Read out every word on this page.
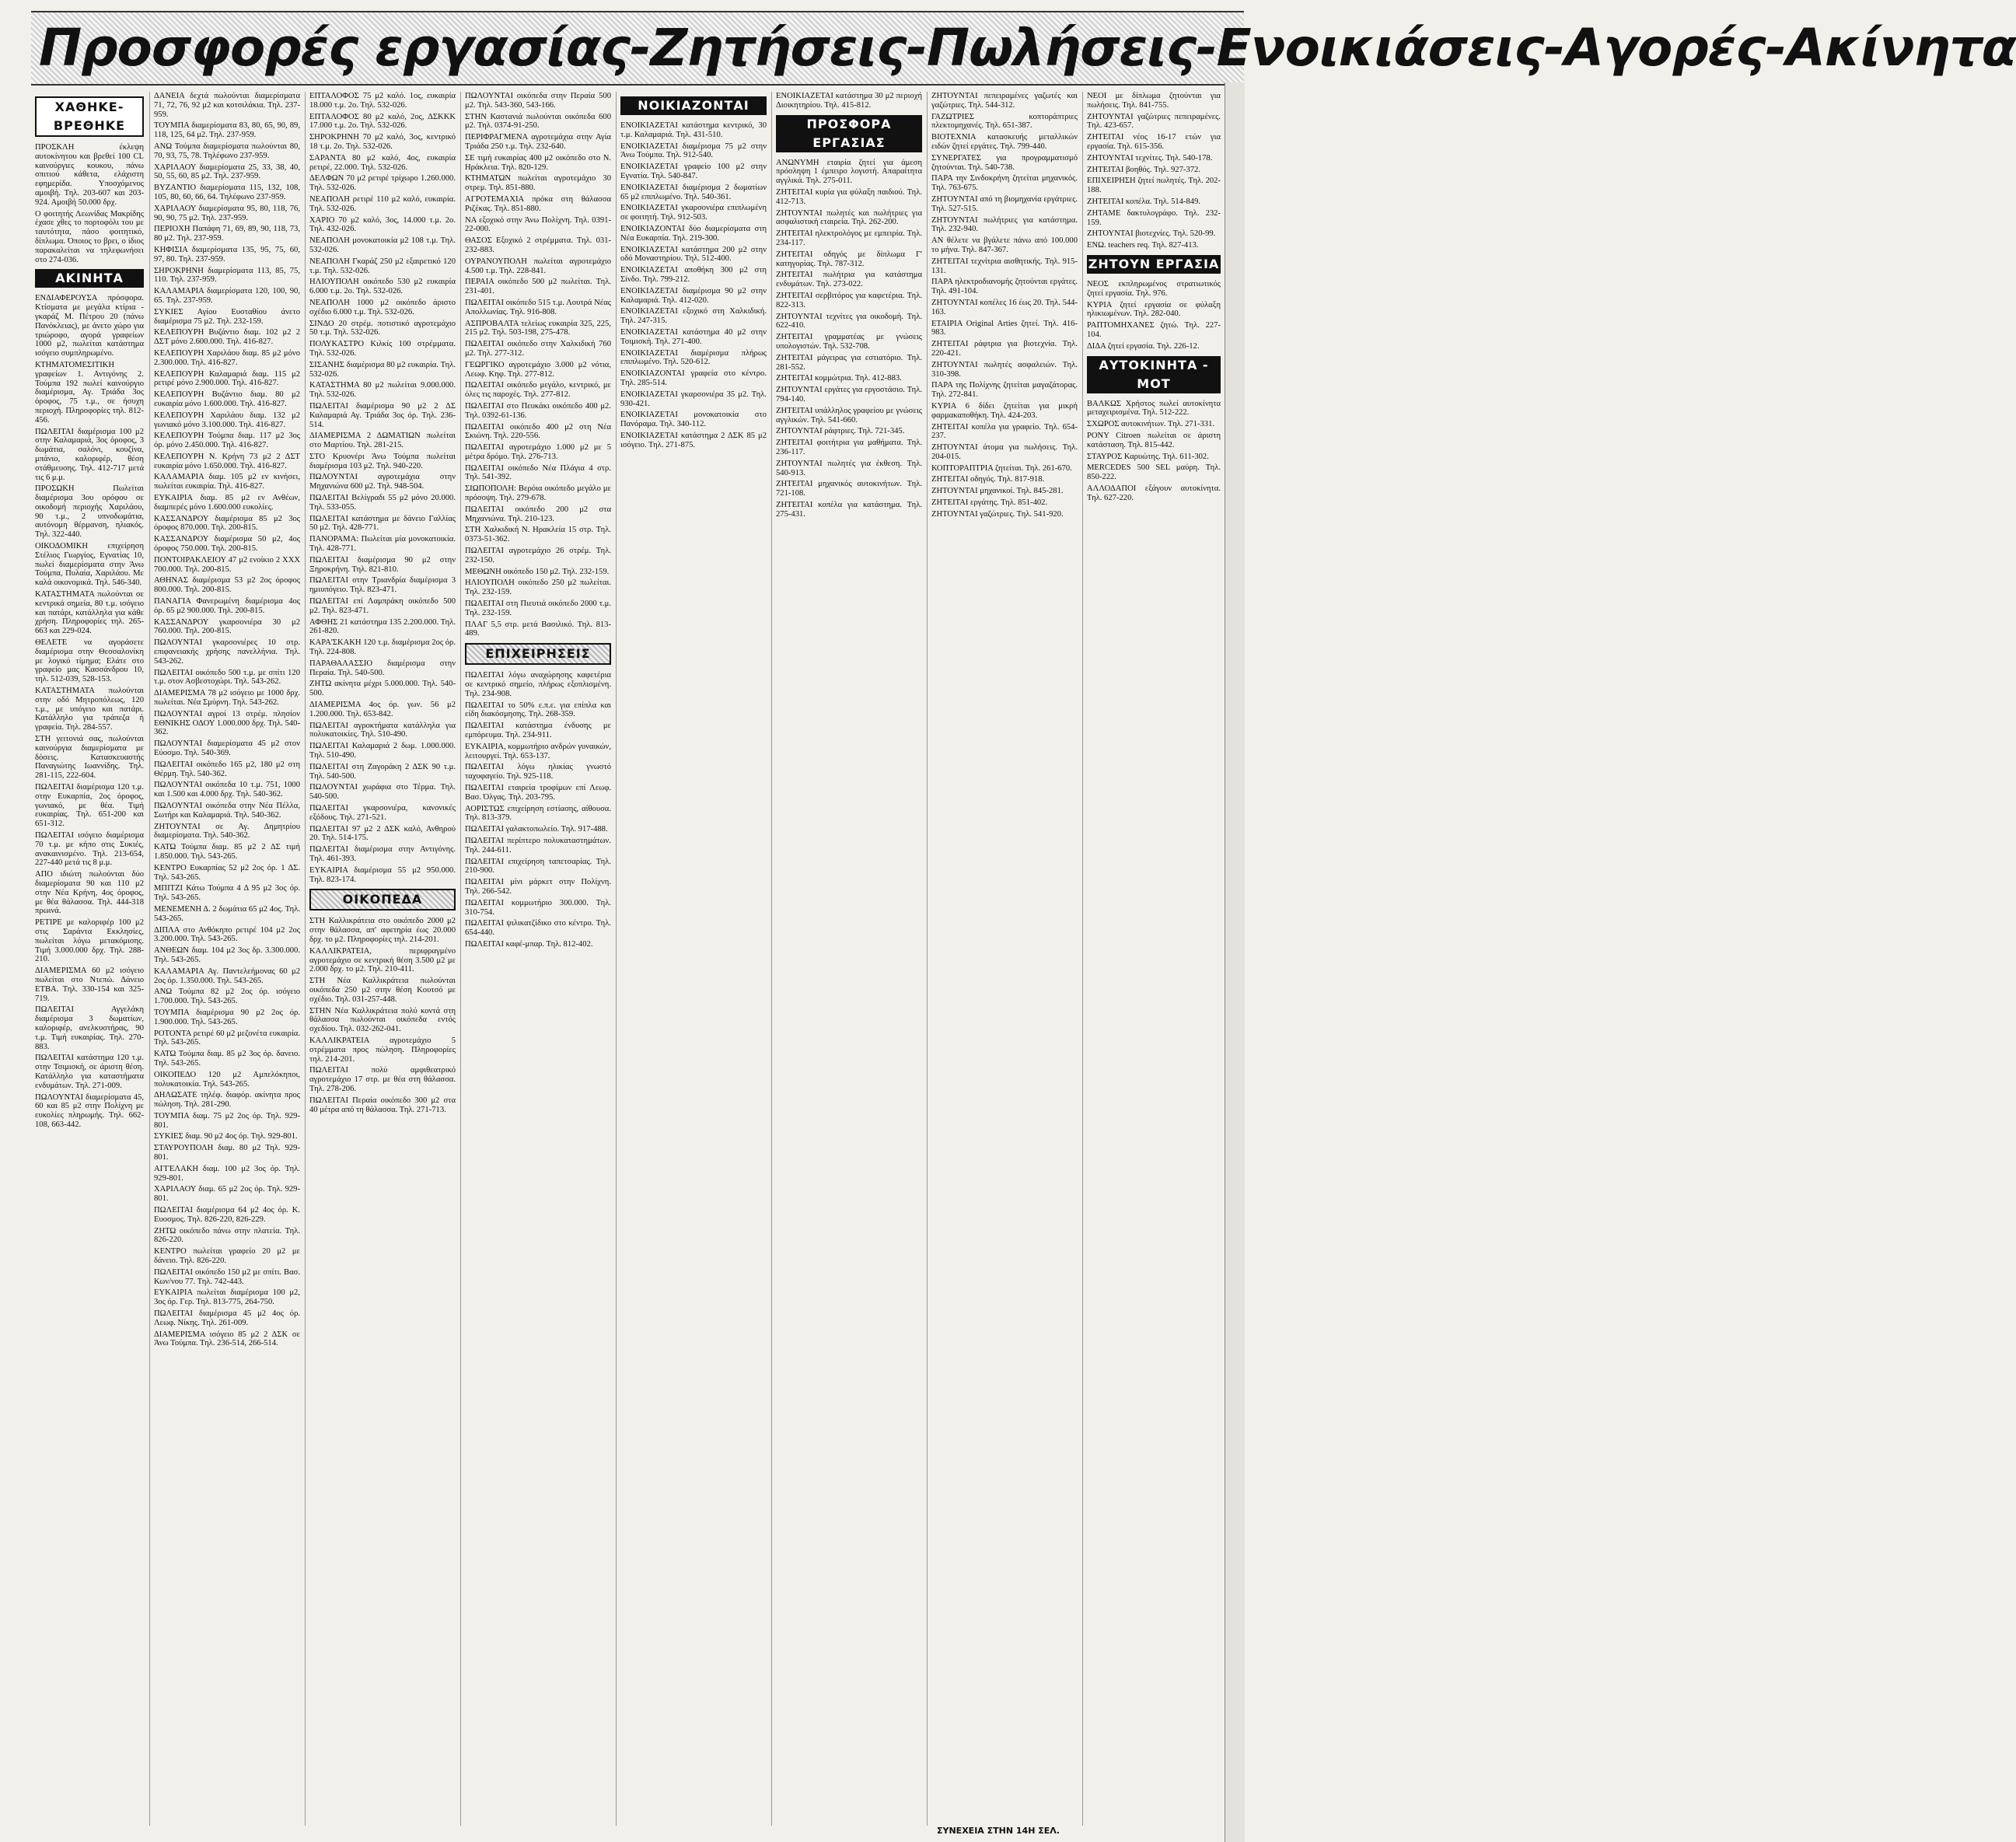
Προσφορές εργασίας-Ζητήσεις-Πωλήσεις-Ενοικιάσεις-Αγορές-Ακίνητα
ΧΑΘΗΚΕ-ΒΡΕΘΗΚΕ

ΠΡΟΣΚΛΗ έκλεψη αυτοκίνητου και βρεθεί 100 CL καινούργιες κουκου, πάνω σπιτιού κάθετα, ελάχιστη εφημερίδα. Υποσχόμενος αμοιβή. Τηλ. 203-607 και 203-924. Αμοιβή 50.000 δρχ.

Ο φοιτητής Λεωνίδας Μακρίδης έχασε χθες το πορτοφόλι του με ταυτότητα, πάσο φοιτητικό, δίπλωμα. Όποιος το βρει, ο ίδιος παρακαλείται να τηλεφωνήσει στο 274-036.

ΑΚΙΝΗΤΑ

ΕΝΔΙΑΦΕΡΟΥΣΑ πρόσφορα. Κτίσματα με μεγάλα κτίρια - γκαράζ Μ. Πέτρου 20 (πάνω Πανόκλειας), με άνετο χώρο για τριώροφο, αγορά γραφείων 1000 μ2, πωλείται κατάστημα ισόγειο συμπληρωμένο.

ΚΤΗΜΑΤΟΜΕΣΙΤΙΚΗ γραφείων 1. Αντιγόνης 2. Τούμπα 192 πωλεί καινούργιο διαμέρισμα, Αγ. Τριάδα 3ος όροφος, 75 τ.μ., σε ήσυχη περιοχή. Πληροφορίες τηλ. 812-456.

ΠΩΛΕΙΤΑΙ διαμέρισμα 100 μ2 στην Καλαμαριά, 3ος όροφος, 3 δωμάτια, σαλόνι, κουζίνα, μπάνιο, καλοριφέρ, θέση στάθμευσης. Τηλ. 412-717 μετά τις 6 μ.μ.

ΠΡΟΣΩΚΗ Πωλείται διαμέρισμα 3ου ορόφου σε οικοδομή περιοχής Χαριλάου, 90 τ.μ., 2 υπνοδωμάτια, αυτόνομη θέρμανση, ηλιακός. Τηλ. 322-440.

ΟΙΚΟΔΟΜΙΚΗ επιχείρηση Στέλιος Γιωργίος, Εγνατίας 10, πωλεί διαμερίσματα στην Άνω Τούμπα, Πυλαία, Χαριλάου. Με καλά οικονομικά. Τηλ. 546-340.

ΚΑΤΑΣΤΗΜΑΤΑ πωλούνται σε κεντρικά σημεία, 80 τ.μ. ισόγειο και πατάρι, κατάλληλα για κάθε χρήση. Πληροφορίες τηλ. 265-663 και 229-024.

ΘΕΛΕΤΕ να αγοράσετε διαμέρισμα στην Θεσσαλονίκη με λογικό τίμημα; Ελάτε στο γραφείο μας Κασσάνδρου 10, τηλ. 512-039, 528-153.

ΚΑΤΑΣΤΗΜΑΤΑ πωλούνται στην οδό Μητροπόλεως, 120 τ.μ., με υπόγειο και πατάρι. Κατάλληλο για τράπεζα ή γραφεία. Τηλ. 284-557.

ΣΤΗ γειτονιά σας, πωλούνται καινούργια διαμερίσματα με δόσεις. Κατασκευαστής Παναγιώτης Ιωαννίδης. Τηλ. 281-115, 222-604.

ΠΩΛΕΙΤΑΙ διαμέρισμα 120 τ.μ. στην Ευκαρπία, 2ος όροφος, γωνιακό, με θέα. Τιμή ευκαιρίας. Τηλ. 651-200 και 651-312.

ΠΩΛΕΙΤΑΙ ισόγειο διαμέρισμα 70 τ.μ. με κήπο στις Συκιές, ανακαινισμένο. Τηλ. 213-654, 227-440 μετά τις 8 μ.μ.

ΑΠΟ ιδιώτη πωλούνται δύο διαμερίσματα 90 και 110 μ2 στην Νέα Κρήνη, 4ος όροφος, με θέα θάλασσα. Τηλ. 444-318 πρωινά.

ΡΕΤΙΡΕ με καλοριφέρ 100 μ2 στις Σαράντα Εκκλησίες, πωλείται λόγω μετακόμισης. Τιμή 3.000.000 δρχ. Τηλ. 288-210.

ΔΙΑΜΕΡΙΣΜΑ 60 μ2 ισόγειο πωλείται στο Ντεπώ. Δάνειο ΕΤΒΑ. Τηλ. 330-154 και 325-719.

ΠΩΛΕΙΤΑΙ Αγγελάκη διαμέρισμα 3 δωματίων, καλοριφέρ, ανελκυστήρας, 90 τ.μ. Τιμή ευκαιρίας. Τηλ. 270-883.

ΠΩΛΕΙΤΑΙ κατάστημα 120 τ.μ. στην Τσιμισκή, σε άριστη θέση. Κατάλληλο για καταστήματα ενδυμάτων. Τηλ. 271-009.

ΠΩΛΟΥΝΤΑΙ διαμερίσματα 45, 60 και 85 μ2 στην Πολίχνη με ευκολίες πληρωμής. Τηλ. 662-108, 663-442.

ΔΑΝΕΙΑ δεχτά πωλούνται διαμερίσματα 71, 72, 76, 92 μ2 και κοτσιλάκια. Τηλ. 237-959.

ΤΟΥΜΠΑ διαμερίσματα 83, 80, 65, 90, 89, 118, 125, 64 μ2. Τηλ. 237-959.

ΑΝΩ Τούμπα διαμερίσματα πωλούνται 80, 70, 93, 75, 78. Τηλέφωνο 237-959.

ΧΑΡΙΛΑΟΥ διαμερίσματα 25, 33, 38, 40, 50, 55, 60, 85 μ2. Τηλ. 237-959.

ΒΥΖΑΝΤΙΟ διαμερίσματα 115, 132, 108, 105, 80, 60, 66, 64. Τηλέφωνο 237-959.

ΧΑΡΙΛΑΟΥ διαμερίσματα 95, 80, 118, 76, 90, 90, 75 μ2. Τηλ. 237-959.

ΠΕΡΙΟΧΗ Παπάφη 71, 69, 89, 90, 118, 73, 80 μ2. Τηλ. 237-959.

ΚΗΦΙΣΙΑ διαμερίσματα 135, 95, 75, 60, 97, 80. Τηλ. 237-959.

ΣΗΡΟΚΡΗΝΗ διαμερίσματα 113, 85, 75, 110. Τηλ. 237-959.

ΚΑΛΑΜΑΡΙΑ διαμερίσματα 120, 100, 90, 65. Τηλ. 237-959.

ΣΥΚΙΕΣ Αγίου Ευσταθίου άνετο διαμέρισμα 75 μ2. Τηλ. 232-159.

ΚΕΛΕΠΟΥΡΗ Βυζάντιο διαμ. 102 μ2 2 ΔΣΤ μόνο 2.600.000. Τηλ. 416-827.

ΚΕΛΕΠΟΥΡΗ Χαριλάου διαμ. 85 μ2 μόνο 2.300.000. Τηλ. 416-827.

ΚΕΛΕΠΟΥΡΗ Καλαμαριά διαμ. 115 μ2 ρετιρέ μόνο 2.900.000. Τηλ. 416-827.

ΚΕΛΕΠΟΥΡΗ Βυζάντιο διαμ. 80 μ2 ευκαιρία μόνο 1.600.000. Τηλ. 416-827.

ΚΕΛΕΠΟΥΡΗ Χαριλάου διαμ. 132 μ2 γωνιακό μόνο 3.100.000. Τηλ. 416-827.

ΚΕΛΕΠΟΥΡΗ Τούμπα διαμ. 117 μ2 3ος όρ. μόνο 2.450.000. Τηλ. 416-827.

ΚΕΛΕΠΟΥΡΗ Ν. Κρήνη 73 μ2 2 ΔΣΤ ευκαιρία μόνο 1.650.000. Τηλ. 416-827.

ΚΑΛΑΜΑΡΙΑ διαμ. 105 μ2 εν κινήσει, πωλείται ευκαιρία. Τηλ. 416-827.

ΕΥΚΑΙΡΙΑ διαμ. 85 μ2 εν Ανθέων, διαμπερές μόνο 1.600.000 ευκολίες.

ΚΑΣΣΑΝΔΡΟΥ διαμέρισμα 85 μ2 3ος όροφος 870.000. Τηλ. 200-815.

ΚΑΣΣΑΝΔΡΟΥ διαμέρισμα 50 μ2, 4ος όροφος 750.000. Τηλ. 200-815.

ΠΟΝΤΟΙΡΑΚΛΕΙΟΥ 47 μ2 ενοίκιο 2 ΧΧΧ 700.000. Τηλ. 200-815.

ΑΘΗΝΑΣ διαμέρισμα 53 μ2 2ος όροφος 800.000. Τηλ. 200-815.

ΠΑΝΑΓΙΑ Φανερωμένη διαμέρισμα 4ος όρ. 65 μ2 900.000. Τηλ. 200-815.

ΚΑΣΣΑΝΔΡΟΥ γκαρσονιέρα 30 μ2 760.000. Τηλ. 200-815.

ΠΩΛΟΥΝΤΑΙ γκαρσονιέρες 10 στρ. επιφανειακής χρήσης πανελλήνια. Τηλ. 543-262.

ΠΩΛΕΙΤΑΙ οικόπεδο 500 τ.μ. με σπίτι 120 τ.μ. στον Ασβεστοχώρι. Τηλ. 543-262.

ΔΙΑΜΕΡΙΣΜΑ 78 μ2 ισόγειο με 1000 δρχ. πωλείται. Νέα Σμύρνη. Τηλ. 543-262.

ΠΩΛΟΥΝΤΑΙ αγροί 13 στρέμ. πλησίον ΕΘΝΙΚΗΣ ΟΔΟΥ 1.000.000 δρχ. Τηλ. 540-362.

ΠΩΛΟΥΝΤΑΙ διαμερίσματα 45 μ2 στον Εύοσμο. Τηλ. 540-369.

ΠΩΛΕΙΤΑΙ οικόπεδο 165 μ2, 180 μ2 στη Θέρμη. Τηλ. 540-362.

ΠΩΛΟΥΝΤΑΙ οικόπεδα 10 τ.μ. 751, 1000 και 1.500 και 4.000 δρχ. Τηλ. 540-362.

ΠΩΛΟΥΝΤΑΙ οικόπεδα στην Νέα Πέλλα, Σωτήρι και Καλαμαριά. Τηλ. 540-362.

ΖΗΤΟΥΝΤΑΙ σε Αγ. Δημητρίου διαμερίσματα. Τηλ. 540-362.

ΚΑΤΩ Τούμπα διαμ. 85 μ2 2 ΔΣ τιμή 1.850.000. Τηλ. 543-265.

ΚΕΝΤΡΟ Ευκαρπίας 52 μ2 2ος όρ. 1 ΔΣ. Τηλ. 543-265.

ΜΠΙΤΖΙ Κάτω Τούμπα 4 Δ 95 μ2 3ος όρ. Τηλ. 543-265.

ΜΕΝΕΜΕΝΗ Δ. 2 δωμάτια 65 μ2 4ος. Τηλ. 543-265.

ΔΙΠΛΑ στο Ανθόκηπο ρετιρέ 104 μ2 2ος 3.200.000. Τηλ. 543-265.

ΑΝΘΕΩΝ διαμ. 104 μ2 3ος δρ. 3.300.000. Τηλ. 543-265.

ΚΑΛΑΜΑΡΙΑ Αγ. Παντελεήμονας 60 μ2 2ος όρ. 1.350.000. Τηλ. 543-265.

ΑΝΩ Τούμπα 82 μ2 2ος όρ. ισόγειο 1.700.000. Τηλ. 543-265.

ΤΟΥΜΠΑ διαμέρισμα 90 μ2 2ος όρ. 1.900.000. Τηλ. 543-265.

ΡΟΤΟΝΤΑ ρετιρέ 60 μ2 μεζονέτα ευκαιρία. Τηλ. 543-265.

ΚΑΤΩ Τούμπα διαμ. 85 μ2 3ος όρ. δανειο. Τηλ. 543-265.

ΟΙΚΟΠΕΔΟ 120 μ2 Αμπελόκηποι, πολυκατοικία. Τηλ. 543-265.

ΔΗΛΩΣΑΤΕ τηλέφ. διαφόρ. ακίνητα προς πώληση. Τηλ. 281-290.

ΤΟΥΜΠΑ διαμ. 75 μ2 2ος όρ. Τηλ. 929-801.

ΣΥΚΙΕΣ διαμ. 90 μ2 4ος όρ. Τηλ. 929-801.

ΣΤΑΥΡΟΥΠΟΛΗ διαμ. 80 μ2 Τηλ. 929-801.

ΑΓΓΕΛΑΚΗ διαμ. 100 μ2 3ος όρ. Τηλ. 929-801.

ΧΑΡΙΛΑΟΥ διαμ. 65 μ2 2ος όρ. Τηλ. 929-801.

ΠΩΛΕΙΤΑΙ διαμέρισμα 64 μ2 4ος όρ. Κ. Ευοσμος. Τηλ. 826-220, 826-229.

ΖΗΤΩ οικόπεδο πάνω στην πλατεία. Τηλ. 826-220.

ΚΕΝΤΡΟ πωλείται γραφείο 20 μ2 με δάνειο. Τηλ. 826-220.

ΠΩΛΕΙΤΑΙ οικόπεδο 150 μ2 με σπίτι. Βασ. Κων/νου 77. Τηλ. 742-443.

ΕΥΚΑΙΡΙΑ πωλείται διαμέρισμα 100 μ2, 3ος όρ. Γερ. Τηλ. 813-775, 264-750.

ΠΩΛΕΙΤΑΙ διαμέρισμα 45 μ2 4ος όρ. Λεωφ. Νίκης. Τηλ. 261-009.

ΔΙΑΜΕΡΙΣΜΑ ισόγειο 85 μ2 2 ΔΣΚ σε Άνω Τούμπα. Τηλ. 236-514, 266-514.

ΕΠΤΑΛΟΦΟΣ 75 μ2 καλό. 1ος, ευκαιρία 18.000 τ.μ. 2ο. Τηλ. 532-026.

ΕΠΤΑΛΟΦΟΣ 80 μ2 καλό, 2ος, ΔΣΚΚΚ 17.000 τ.μ. 2ο. Τηλ. 532-026.

ΣΗΡΟΚΡΗΝΗ 70 μ2 καλό, 3ος, κεντρικό 18 τ.μ. 2ο. Τηλ. 532-026.

ΣΑΡΑΝΤΑ 80 μ2 καλό, 4ος, ευκαιρία ρετιρέ, 22.000. Τηλ. 532-026.

ΔΕΛΦΩΝ 70 μ2 ρετιρέ τρίχωρο 1.260.000. Τηλ. 532-026.

ΝΕΑΠΟΛΗ ρετιρέ 110 μ2 καλό, ευκαιρία. Τηλ. 532-026.

ΧΑΡΙΟ 70 μ2 καλό, 3ος, 14.000 τ.μ. 2ο. Τηλ. 432-026.

ΝΕΑΠΟΛΗ μονοκατοικία μ2 108 τ.μ. Τηλ. 532-026.

ΝΕΑΠΟΛΗ Γκαράζ 250 μ2 εξαιρετικό 120 τ.μ. Τηλ. 532-026.

ΗΛΙΟΥΠΟΛΗ οικόπεδο 530 μ2 ευκαιρία 6.000 τ.μ. 2ο. Τηλ. 532-026.

ΝΕΑΠΟΛΗ 1000 μ2 οικόπεδο άριστο σχέδιο 6.000 τ.μ. Τηλ. 532-026.

ΣΙΝΔΟ 20 στρέμ. ποτιστικό αγροτεμάχιο 50 τ.μ. Τηλ. 532-026.

ΠΟΛΥΚΑΣΤΡΟ Κιλκίς 100 στρέμματα. Τηλ. 532-026.

ΣΙΣΑΝΗΣ διαμέρισμα 80 μ2 ευκαιρία. Τηλ. 532-026.

ΚΑΤΑΣΤΗΜΑ 80 μ2 πωλείται 9.000.000. Τηλ. 532-026.

ΠΩΛΕΙΤΑΙ διαμέρισμα 90 μ2 2 ΔΣ Καλαμαριά Αγ. Τριάδα 3ος όρ. Τηλ. 236-514.

ΔΙΑΜΕΡΙΣΜΑ 2 ΔΩΜΑΤΙΩΝ πωλείται στο Μαρτίου. Τηλ. 281-215.

ΣΤΟ Κρυονέρι Άνω Τούμπα πωλείται διαμέρισμα 103 μ2. Τηλ. 940-220.

ΠΩΛΟΥΝΤΑΙ αγροτεμάχια στην Μηχανιώνα 600 μ2. Τηλ. 948-504.

ΠΩΛΕΙΤΑΙ Βελίγραδι 55 μ2 μόνο 20.000. Τηλ. 533-055.

ΠΩΛΕΙΤΑΙ κατάστημα με δάνειο Γαλλίας 50 μ2. Τηλ. 428-771.

ΠΑΝΟΡΑΜΑ: Πωλείται μία μονοκατοικία. Τηλ. 428-771.

ΠΩΛΕΙΤΑΙ διαμέρισμα 90 μ2 στην Ξηροκρήνη. Τηλ. 821-810.

ΠΩΛΕΙΤΑΙ στην Τριανδρία διαμέρισμα 3 ημιυπόγειο. Τηλ. 823-471.

ΠΩΛΕΙΤΑΙ επί Λαμπράκη οικόπεδο 500 μ2. Τηλ. 823-471.

ΑΦΘΗΣ 21 κατάστημα 135 2.200.000. Τηλ. 261-820.

ΚΑΡΑ'ΣΚΑΚΗ 120 τ.μ. διαμέρισμα 2ος όρ. Τηλ. 224-808.

ΠΑΡΑΘΑΛΑΣΣΙΟ διαμέρισμα στην Περαία. Τηλ. 540-500.

ΖΗΤΩ ακίνητα μέχρι 5.000.000. Τηλ. 540-500.

ΔΙΑΜΕΡΙΣΜΑ 4ος όρ. γων. 56 μ2 1.200.000. Τηλ. 653-842.

ΠΩΛΕΙΤΑΙ αγροκτήματα κατάλληλα για πολυκατοικίες. Τηλ. 510-490.

ΠΩΛΕΙΤΑΙ Καλαμαριά 2 δωμ. 1.000.000. Τηλ. 510-490.

ΠΩΛΕΙΤΑΙ στη Ζαγοράκη 2 ΔΣΚ 90 τ.μ. Τηλ. 540-500.

ΠΩΛΟΥΝΤΑΙ χωράφια στο Τέρμα. Τηλ. 540-500.

ΠΩΛΕΙΤΑΙ γκαρσονιέρα, κανονικές εξόδους. Τηλ. 271-521.

ΠΩΛΕΙΤΑΙ 97 μ2 2 ΔΣΚ καλό, Ανθηρού 20. Τηλ. 514-175.

ΠΩΛΕΙΤΑΙ διαμέρισμα στην Αντιγόνης. Τηλ. 461-393.

ΕΥΚΑΙΡΙΑ διαμέρισμα 55 μ2 950.000. Τηλ. 823-174.

ΟΙΚΟΠΕΔΑ

ΣΤΗ Καλλικράτεια στο οικόπεδο 2000 μ2 στην θάλασσα, απ' αφετηρία έως 20.000 δρχ. το μ2. Πληροφορίες τηλ. 214-201.

ΚΑΛΛΙΚΡΑΤΕΙΑ, περιφραγμένο αγροτεμάχιο σε κεντρική θέση 3.500 μ2 με 2.000 δρχ. το μ2. Τηλ. 210-411.

ΣΤΗ Νέα Καλλικράτεια πωλούνται οικόπεδα 250 μ2 στην θέση Κουτσό με σχέδιο. Τηλ. 031-257-448.

ΣΤΗΝ Νέα Καλλικράτεια πολύ κοντά στη θάλασσα πωλούνται οικόπεδα εντός σχεδίου. Τηλ. 032-262-041.

ΚΑΛΛΙΚΡΑΤΕΙΑ αγροτεμάχιο 5 στρέμματα προς πώληση. Πληροφορίες τηλ. 214-201.

ΠΩΛΕΙΤΑΙ πολύ αμφιθεατρικό αγροτεμάχιο 17 στρ. με θέα στη θάλασσα. Τηλ. 278-206.

ΠΩΛΕΙΤΑΙ Περαία οικόπεδο 300 μ2 στα 40 μέτρα από τη θάλασσα. Τηλ. 271-713.

ΠΩΛΟΥΝΤΑΙ οικόπεδα στην Περαία 500 μ2. Τηλ. 543-360, 543-166.

ΣΤΗΝ Καστανιά πωλούνται οικόπεδα 600 μ2. Τηλ. 0374-91-250.

ΠΕΡΙΦΡΑΓΜΕΝΑ αγροτεμάχια στην Αγία Τριάδα 250 τ.μ. Τηλ. 232-640.

ΣΕ τιμή ευκαιρίας 400 μ2 οικόπεδο στο Ν. Ηράκλεια. Τηλ. 820-129.

ΚΤΗΜΑΤΩΝ πωλείται αγροτεμάχιο 30 στρεμ. Τηλ. 851-880.

ΑΓΡΟΤΕΜΑΧΙΑ πρόκα στη θάλασσα Ριζέκας. Τηλ. 851-880.

ΝΑ εξοχικό στην Άνω Πολίχνη. Τηλ. 0391-22-000.

ΘΑΣΟΣ Εξοχικό 2 στρέμματα. Τηλ. 031-232-883.

ΟΥΡΑΝΟΥΠΟΛΗ πωλείται αγροτεμάχιο 4.500 τ.μ. Τηλ. 228-841.

ΠΕΡΑΙΑ οικόπεδο 500 μ2 πωλείται. Τηλ. 231-401.

ΠΩΛΕΙΤΑΙ οικόπεδο 515 τ.μ. Λουτρά Νέας Απολλωνίας. Τηλ. 916-808.

ΑΣΠΡΟΒΑΛΤΑ τελείως ευκαιρία 325, 225, 215 μ2. Τηλ. 503-198, 275-478.

ΠΩΛΕΙΤΑΙ οικόπεδο στην Χαλκιδική 760 μ2. Τηλ. 277-312.

ΓΕΩΡΓΙΚΟ αγροτεμάχιο 3.000 μ2 νότια, Λεωφ. Κηφ. Τηλ. 277-812.

ΠΩΛΕΙΤΑΙ οικόπεδο μεγάλο, κεντρικό, με όλες τις παροχές. Τηλ. 277-812.

ΠΩΛΕΙΤΑΙ στο Πευκάκι οικόπεδο 400 μ2. Τηλ. 0392-61-136.

ΠΩΛΕΙΤΑΙ οικόπεδο 400 μ2 στη Νέα Σκιώνη. Τηλ. 220-556.

ΠΩΛΕΙΤΑΙ αγροτεμάχιο 1.000 μ2 με 5 μέτρα δρόμο. Τηλ. 276-713.

ΠΩΛΕΙΤΑΙ οικόπεδο Νέα Πλάγια 4 στρ. Τηλ. 541-392.

ΣΙΩΠΟΠΟΛΗ: Βερόια οικόπεδο μεγάλο με πρόσοψη. Τηλ. 279-678.

ΠΩΛΕΙΤΑΙ οικόπεδο 200 μ2 στα Μηχανιώνα. Τηλ. 210-123.

ΣΤΗ Χαλκιδική Ν. Ηρακλεία 15 στρ. Τηλ. 0373-51-362.

ΠΩΛΕΙΤΑΙ αγροτεμάχιο 26 στρέμ. Τηλ. 232-150.

ΜΕΘΩΝΗ οικόπεδο 150 μ2. Τηλ. 232-159.

ΗΛΙΟΥΠΟΛΗ οικόπεδο 250 μ2 πωλείται. Τηλ. 232-159.

ΠΩΛΕΙΤΑΙ στη Πιευτιά οικόπεδο 2000 τ.μ. Τηλ. 232-159.

ΠΛΑΓ 5,5 στρ. μετά Βασιλικό. Τηλ. 813-489.

ΕΠΙΧΕΙΡΗΣΕΙΣ

ΠΩΛΕΙΤΑΙ λόγω αναχώρησης καφετέρια σε κεντρικό σημείο, πλήρως εξοπλισμένη. Τηλ. 234-908.

ΠΩΛΕΙΤΑΙ το 50% ε.π.ε. για επίπλα και είδη διακόσμησης. Τηλ. 268-359.

ΠΩΛΕΙΤΑΙ κατάστημα ένδυσης με εμπόρευμα. Τηλ. 234-911.

ΕΥΚΑΙΡΙΑ, κομμωτήριο ανδρών γυναικών, λειτουργεί. Τηλ. 653-137.

ΠΩΛΕΙΤΑΙ λόγω ηλικίας γνωστό ταχυφαγείο. Τηλ. 925-118.

ΠΩΛΕΙΤΑΙ εταιρεία τροφίμων επί Λεωφ. Βασ. Όλγας. Τηλ. 203-795.

ΑΟΡΙΣΤΩΣ επιχείρηση εστίασης, αίθουσα. Τηλ. 813-379.

ΠΩΛΕΙΤΑΙ γαλακτοπωλείο. Τηλ. 917-488.

ΠΩΛΕΙΤΑΙ περίπτερο πολυκαταστημάτων. Τηλ. 244-611.

ΠΩΛΕΙΤΑΙ επιχείρηση ταπετσαρίας. Τηλ. 210-900.

ΠΩΛΕΙΤΑΙ μίνι μάρκετ στην Πολίχνη. Τηλ. 266-542.

ΠΩΛΕΙΤΑΙ κομμωτήριο 300.000. Τηλ. 310-754.

ΠΩΛΕΙΤΑΙ ψιλικατζίδικο στο κέντρο. Τηλ. 654-440.

ΠΩΛΕΙΤΑΙ καφέ-μπαρ. Τηλ. 812-402.

ΝΟΙΚΙΑΖΟΝΤΑΙ

ΕΝΟΙΚΙΑΖΕΤΑΙ κατάστημα κεντρικό, 30 τ.μ. Καλαμαριά. Τηλ. 431-510.

ΕΝΟΙΚΙΑΖΕΤΑΙ διαμέρισμα 75 μ2 στην Άνω Τούμπα. Τηλ. 912-540.

ΕΝΟΙΚΙΑΖΕΤΑΙ γραφείο 100 μ2 στην Εγνατία. Τηλ. 540-847.

ΕΝΟΙΚΙΑΖΕΤΑΙ διαμέρισμα 2 δωματίων 65 μ2 επιπλωμένο. Τηλ. 540-361.

ΕΝΟΙΚΙΑΖΕΤΑΙ γκαρσονιέρα επιπλωμένη σε φοιτητή. Τηλ. 912-503.

ΕΝΟΙΚΙΑΖΟΝΤΑΙ δύο διαμερίσματα στη Νέα Ευκαρπία. Τηλ. 219-300.

ΕΝΟΙΚΙΑΖΕΤΑΙ κατάστημα 200 μ2 στην οδό Μοναστηρίου. Τηλ. 512-400.

ΕΝΟΙΚΙΑΖΕΤΑΙ αποθήκη 300 μ2 στη Σίνδο. Τηλ. 799-212.

ΕΝΟΙΚΙΑΖΕΤΑΙ διαμέρισμα 90 μ2 στην Καλαμαριά. Τηλ. 412-020.

ΕΝΟΙΚΙΑΖΕΤΑΙ εξοχικό στη Χαλκιδική. Τηλ. 247-315.

ΕΝΟΙΚΙΑΖΕΤΑΙ κατάστημα 40 μ2 στην Τσιμισκή. Τηλ. 271-400.

ΕΝΟΙΚΙΑΖΕΤΑΙ διαμέρισμα πλήρως επιπλωμένο. Τηλ. 520-612.

ΕΝΟΙΚΙΑΖΟΝΤΑΙ γραφεία στο κέντρο. Τηλ. 285-514.

ΕΝΟΙΚΙΑΖΕΤΑΙ γκαρσονιέρα 35 μ2. Τηλ. 930-421.

ΕΝΟΙΚΙΑΖΕΤΑΙ μονοκατοικία στο Πανόραμα. Τηλ. 340-112.

ΕΝΟΙΚΙΑΖΕΤΑΙ κατάστημα 2 ΔΣΚ 85 μ2 ισόγειο. Τηλ. 271-875.

ΕΝΟΙΚΙΑΖΕΤΑΙ κατάστημα 30 μ2 περιοχή Διοικητηρίου. Τηλ. 415-812.

ΠΡΟΣΦΟΡΑ ΕΡΓΑΣΙΑΣ

ΑΝΩΝΥΜΗ εταιρία ζητεί για άμεση πρόσληψη 1 έμπειρο λογιστή. Απαραίτητα αγγλικά. Τηλ. 275-011.

ΖΗΤΕΙΤΑΙ κυρία για φύλαξη παιδιού. Τηλ. 412-713.

ΖΗΤΟΥΝΤΑΙ πωλητές και πωλήτριες για ασφαλιστική εταιρεία. Τηλ. 262-200.

ΖΗΤΕΙΤΑΙ ηλεκτρολόγος με εμπειρία. Τηλ. 234-117.

ΖΗΤΕΙΤΑΙ οδηγός με δίπλωμα Γ' κατηγορίας. Τηλ. 787-312.

ΖΗΤΕΙΤΑΙ πωλήτρια για κατάστημα ενδυμάτων. Τηλ. 273-022.

ΖΗΤΕΙΤΑΙ σερβιτόρος για καφετέρια. Τηλ. 822-313.

ΖΗΤΟΥΝΤΑΙ τεχνίτες για οικοδομή. Τηλ. 622-410.

ΖΗΤΕΙΤΑΙ γραμματέας με γνώσεις υπολογιστών. Τηλ. 532-708.

ΖΗΤΕΙΤΑΙ μάγειρας για εστιατόριο. Τηλ. 281-552.

ΖΗΤΕΙΤΑΙ κομμώτρια. Τηλ. 412-883.

ΖΗΤΟΥΝΤΑΙ εργάτες για εργοστάσιο. Τηλ. 794-140.

ΖΗΤΕΙΤΑΙ υπάλληλος γραφείου με γνώσεις αγγλικών. Τηλ. 541-660.

ΖΗΤΟΥΝΤΑΙ ράφτριες. Τηλ. 721-345.

ΖΗΤΕΙΤΑΙ φοιτήτρια για μαθήματα. Τηλ. 236-117.

ΖΗΤΟΥΝΤΑΙ πωλητές για έκθεση. Τηλ. 540-913.

ΖΗΤΕΙΤΑΙ μηχανικός αυτοκινήτων. Τηλ. 721-108.

ΖΗΤΕΙΤΑΙ κοπέλα για κατάστημα. Τηλ. 275-431.

ΖΗΤΟΥΝΤΑΙ πεπειραμένες γαζωτές και γαζώτριες. Τηλ. 544-312.

ΓΑΖΩΤΡΙΕΣ κοπτοράπτριες πλεκτομηχανές. Τηλ. 651-387.

ΒΙΟΤΕΧΝΙΑ κατασκευής μεταλλικών ειδών ζητεί εργάτες. Τηλ. 799-440.

ΣΥΝΕΡΓΑΤΕΣ για προγραμματισμό ζητούνται. Τηλ. 540-738.

ΠΑΡΑ την Σινδοκρήνη ζητείται μηχανικός. Τηλ. 763-675.

ΖΗΤΟΥΝΤΑΙ από τη βιομηχανία εργάτριες. Τηλ. 527-515.

ΖΗΤΟΥΝΤΑΙ πωλήτριες για κατάστημα. Τηλ. 232-940.

ΑΝ θέλετε να βγάλετε πάνω από 100.000 το μήνα. Τηλ. 847-367.

ΖΗΤΕΙΤΑΙ τεχνίτρια αισθητικής. Τηλ. 915-131.

ΠΑΡΑ ηλεκτροδιανομής ζητούνται εργάτες. Τηλ. 491-104.

ΖΗΤΟΥΝΤΑΙ κοπέλες 16 έως 20. Τηλ. 544-163.

ΕΤΑΙΡΙΑ Original Arties ζητεί. Τηλ. 416-983.

ΖΗΤΕΙΤΑΙ ράφτρια για βιοτεχνία. Τηλ. 220-421.

ΖΗΤΟΥΝΤΑΙ πωλητές ασφαλειών. Τηλ. 310-398.

ΠΑΡΑ της Πολίχνης ζητείται μαγαζάτορας. Τηλ. 272-841.

ΚΥΡΙΑ 6 δίδει ζητείται για μικρή φαρμακαποθήκη. Τηλ. 424-203.

ΖΗΤΕΙΤΑΙ κοπέλα για γραφείο. Τηλ. 654-237.

ΖΗΤΟΥΝΤΑΙ άτομα για πωλήσεις. Τηλ. 204-015.

ΚΟΠΤΟΡΑΠΤΡΙΑ ζητείται. Τηλ. 261-670.

ΖΗΤΕΙΤΑΙ οδηγός. Τηλ. 817-918.

ΖΗΤΟΥΝΤΑΙ μηχανικοί. Τηλ. 845-281.

ΖΗΤΕΙΤΑΙ εργάτης. Τηλ. 851-402.

ΖΗΤΟΥΝΤΑΙ γαζώτριες. Τηλ. 541-920.

ΝΕΟΙ με δίπλωμα ζητούνται για πωλήσεις. Τηλ. 841-755.

ΖΗΤΟΥΝΤΑΙ γαζώτριες πεπειραμένες. Τηλ. 423-657.

ΖΗΤΕΙΤΑΙ νέος 16-17 ετών για εργασία. Τηλ. 615-356.

ΖΗΤΟΥΝΤΑΙ τεχνίτες. Τηλ. 540-178.

ΖΗΤΕΙΤΑΙ βοηθός. Τηλ. 927-372.

ΕΠΙΧΕΙΡΗΣΗ ζητεί πωλητές. Τηλ. 202-188.

ΖΗΤΕΙΤΑΙ κοπέλα. Τηλ. 514-849.

ΖΗΤΑΜΕ δακτυλογράφο. Τηλ. 232-159.

ΖΗΤΟΥΝΤΑΙ βιοτεχνίες. Τηλ. 520-99.

ΕΝΩ. teachers req. Τηλ. 827-413.

ΖΗΤΟΥΝ ΕΡΓΑΣΙΑ

ΝΕΟΣ εκπληρωμένος στρατιωτικός ζητεί εργασία. Τηλ. 976.

ΚΥΡΙΑ ζητεί εργασία σε φύλαξη ηλικιωμένων. Τηλ. 282-040.

ΡΑΠΤΟΜΗΧΑΝΕΣ ζητώ. Τηλ. 227-104.

ΔΙΔΑ ζητεί εργασία. Τηλ. 226-12.

ΑΥΤΟΚΙΝΗΤΑ - ΜΟΤ

ΒΑΛΚΩΣ Χρήστος πωλεί αυτοκίνητα μεταχειρισμένα. Τηλ. 512-222.

ΣΧΩΡΟΣ αυτοκινήτων. Τηλ. 271-331.

PONY Citroen πωλείται σε άριστη κατάσταση. Τηλ. 815-442.

ΣΤΑΥΡΟΣ Καρυώτης. Τηλ. 611-302.

MERCEDES 500 SEL μαύρη. Τηλ. 850-222.

ΑΛΛΟΔΑΠΟΙ εξάγουν αυτοκίνητα. Τηλ. 627-220.

ΣΥΝΕΧΕΙΑ ΣΤΗΝ 14Η ΣΕΛ.
